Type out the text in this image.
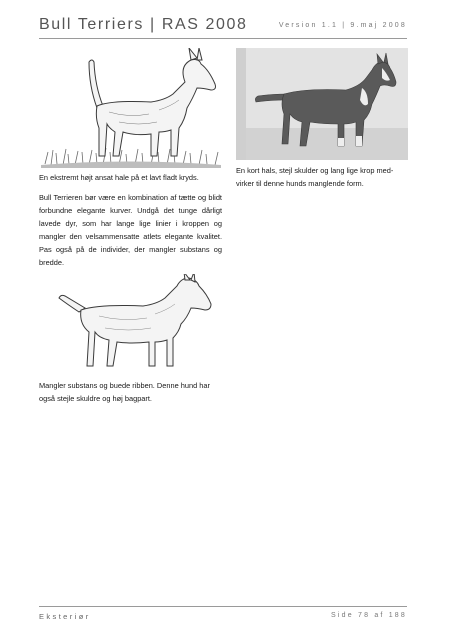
Bull Terriers | RAS 2008	Version 1.1 | 9.maj 2008

En ekstremt højt ansat hale på et lavt fladt kryds.

Bull Terrieren bør være en kombination af tætte og blidt forbundne elegante kurver. Undgå det tunge dårligt lavede dyr, som har lange lige linier i kroppen og mangler den velsammensatte atlets elegante kvalitet. Pas også på de individer, der mangler substans og bredde.

En kort hals, stejl skulder og lang lige krop med-virker til denne hunds manglende form.

Mangler substans og buede ribben. Denne hund har også stejle skuldre og høj bagpart.

Eksteriør	Side 78 af 188
